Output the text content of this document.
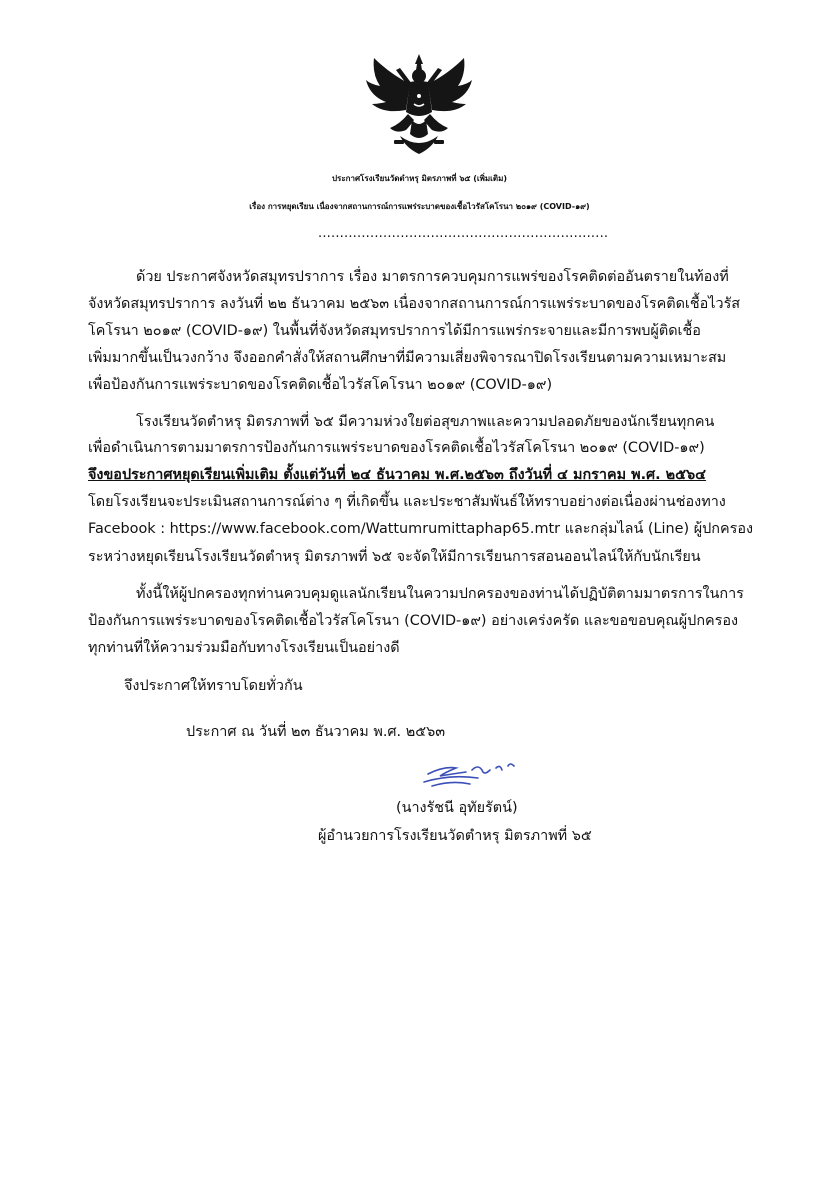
ประกาศโรงเรียนวัดตำหรุ มิตรภาพที่ ๖๕ (เพิ่มเติม)
เรื่อง การหยุดเรียน เนื่องจากสถานการณ์การแพร่ระบาดของเชื้อไวรัสโคโรนา ๒๐๑๙ (COVID-๑๙)
...................................................................
ด้วย ประกาศจังหวัดสมุทรปราการ เรื่อง มาตรการควบคุมการแพร่ของโรคติดต่ออันตรายในท้องที่
จังหวัดสมุทรปราการ ลงวันที่ ๒๒ ธันวาคม ๒๕๖๓ เนื่องจากสถานการณ์การแพร่ระบาดของโรคติดเชื้อไวรัส
โคโรนา ๒๐๑๙ (COVID-๑๙) ในพื้นที่จังหวัดสมุทรปราการได้มีการแพร่กระจายและมีการพบผู้ติดเชื้อ
เพิ่มมากขึ้นเป็นวงกว้าง จึงออกคำสั่งให้สถานศึกษาที่มีความเสี่ยงพิจารณาปิดโรงเรียนตามความเหมาะสม
เพื่อป้องกันการแพร่ระบาดของโรคติดเชื้อไวรัสโคโรนา ๒๐๑๙ (COVID-๑๙)
โรงเรียนวัดตำหรุ มิตรภาพที่ ๖๕ มีความห่วงใยต่อสุขภาพและความปลอดภัยของนักเรียนทุกคน
เพื่อดำเนินการตามมาตรการป้องกันการแพร่ระบาดของโรคติดเชื้อไวรัสโคโรนา ๒๐๑๙ (COVID-๑๙)
จึงขอประกาศหยุดเรียนเพิ่มเติม ตั้งแต่วันที่ ๒๔ ธันวาคม พ.ศ.๒๕๖๓ ถึงวันที่ ๔ มกราคม พ.ศ. ๒๕๖๔
โดยโรงเรียนจะประเมินสถานการณ์ต่าง ๆ ที่เกิดขึ้น และประชาสัมพันธ์ให้ทราบอย่างต่อเนื่องผ่านช่องทาง
Facebook : https://www.facebook.com/Wattumrumittaphap65.mtr และกลุ่มไลน์ (Line) ผู้ปกครอง
ระหว่างหยุดเรียนโรงเรียนวัดตำหรุ มิตรภาพที่ ๖๕ จะจัดให้มีการเรียนการสอนออนไลน์ให้กับนักเรียน
ทั้งนี้ให้ผู้ปกครองทุกท่านควบคุมดูแลนักเรียนในความปกครองของท่านได้ปฏิบัติตามมาตรการในการ
ป้องกันการแพร่ระบาดของโรคติดเชื้อไวรัสโคโรนา (COVID-๑๙) อย่างเคร่งครัด และขอขอบคุณผู้ปกครอง
ทุกท่านที่ให้ความร่วมมือกับทางโรงเรียนเป็นอย่างดี
จึงประกาศให้ทราบโดยทั่วกัน
ประกาศ ณ วันที่ ๒๓ ธันวาคม พ.ศ. ๒๕๖๓
(นางรัชนี อุทัยรัตน์)
ผู้อำนวยการโรงเรียนวัดตำหรุ มิตรภาพที่ ๖๕
